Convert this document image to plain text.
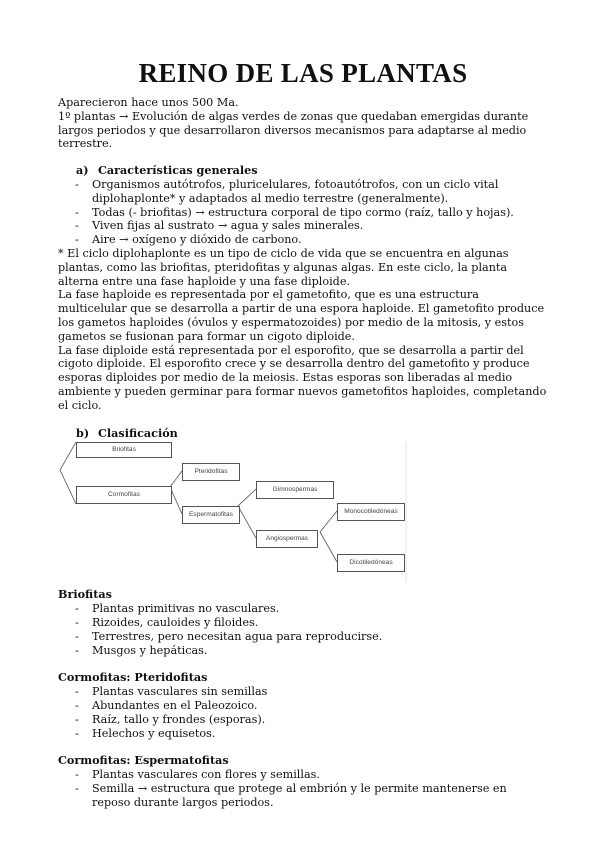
REINO DE LAS PLANTAS

Aparecieron hace unos 500 Ma.

1º plantas → Evolución de algas verdes de zonas que quedaban emergidas durante largos periodos y que desarrollaron diversos mecanismos para adaptarse al medio terrestre.

a) Características generales
- Organismos autótrofos, pluricelulares, fotoautótrofos, con un ciclo vital diplohaplonte* y adaptados al medio terrestre (generalmente).
- Todas (- briofitas) → estructura corporal de tipo cormo (raíz, tallo y hojas).
- Viven fijas al sustrato → agua y sales minerales.
- Aire → oxígeno y dióxido de carbono.

* El ciclo diplohaplonte es un tipo de ciclo de vida que se encuentra en algunas plantas, como las briofitas, pteridofitas y algunas algas. En este ciclo, la planta alterna entre una fase haploide y una fase diploide.

La fase haploide es representada por el gametofito, que es una estructura multicelular que se desarrolla a partir de una espora haploide. El gametofito produce los gametos haploides (óvulos y espermatozoides) por medio de la mitosis, y estos gametos se fusionan para formar un cigoto diploide.

La fase diploide está representada por el esporofito, que se desarrolla a partir del cigoto diploide. El esporofito crece y se desarrolla dentro del gametofito y produce esporas diploides por medio de la meiosis. Estas esporas son liberadas al medio ambiente y pueden germinar para formar nuevos gametofitos haploides, completando el ciclo.

b) Clasificación
Briofitas
Cormofitas
Pteridofitas
Espermatofitas
Gimnospermas
Angiospermas
Monocotiledóneas
Dicotiledóneas

Briofitas

- Plantas primitivas no vasculares.
- Rizoides, cauloides y filoides.
- Terrestres, pero necesitan agua para reproducirse.
- Musgos y hepáticas.

Cormofitas: Pteridofitas

- Plantas vasculares sin semillas
- Abundantes en el Paleozoico.
- Raíz, tallo y frondes (esporas).
- Helechos y equisetos.

Cormofitas: Espermatofitas

- Plantas vasculares con flores y semillas.
- Semilla → estructura que protege al embrión y le permite mantenerse en reposo durante largos periodos.
